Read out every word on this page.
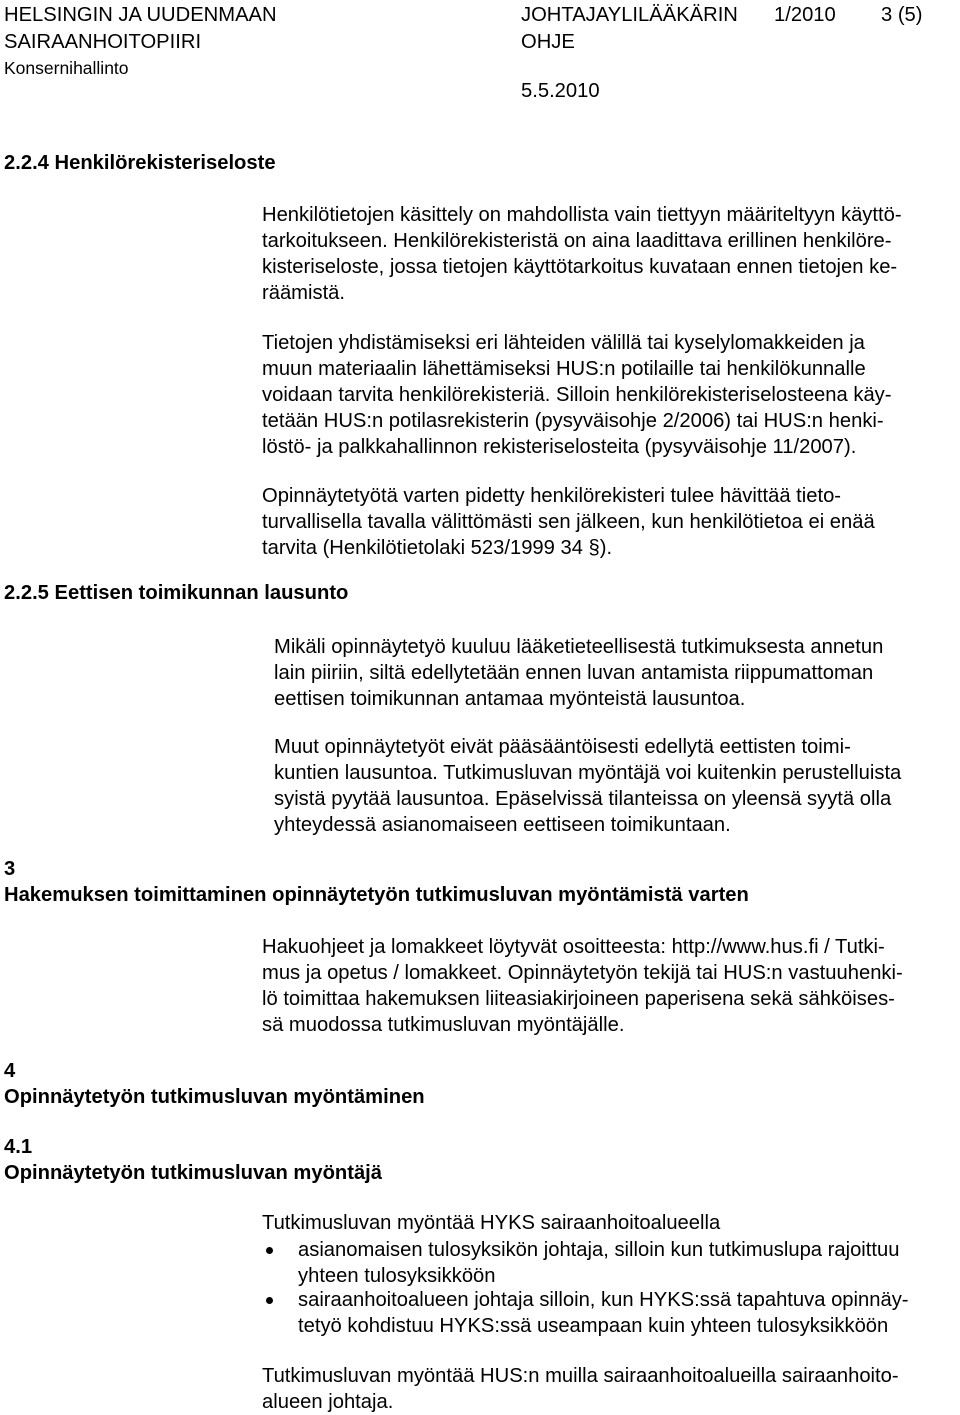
HELSINGIN JA UUDENMAAN
SAIRAANHOITOPIIRI
Konsernihallinto
JOHTAJAYLILÄÄKÄRIN 1/2010
OHJE
5.5.2010
3 (5)
2.2.4 Henkilörekisteriseloste
Henkilötietojen käsittely on mahdollista vain tiettyyn määriteltyyn käyttö-
tarkoitukseen. Henkilörekisteristä on aina laadittava erillinen henkilöre-
kisteriseloste, jossa tietojen käyttötarkoitus kuvataan ennen tietojen ke-
räämistä.
Tietojen yhdistämiseksi eri lähteiden välillä tai kyselylomakkeiden ja
muun materiaalin lähettämiseksi HUS:n potilaille tai henkilökunnalle
voidaan tarvita henkilörekisteriä. Silloin henkilörekisteriselosteena käy-
tetään HUS:n potilasrekisterin (pysyväisohje 2/2006) tai HUS:n henki-
löstö- ja palkkahallinnon rekisteriselosteita (pysyväisohje 11/2007).
Opinnäytetyötä varten pidetty henkilörekisteri tulee hävittää tieto-
turvallisella tavalla välittömästi sen jälkeen, kun henkilötietoa ei enää
tarvita (Henkilötietolaki 523/1999 34 §).
2.2.5 Eettisen toimikunnan lausunto
Mikäli opinnäytetyö kuuluu lääketieteellisestä tutkimuksesta annetun
lain piiriin, siltä edellytetään ennen luvan antamista riippumattoman
eettisen toimikunnan antamaa myönteistä lausuntoa.
Muut opinnäytetyöt eivät pääsääntöisesti edellytä eettisten toimi-
kuntien lausuntoa. Tutkimusluvan myöntäjä voi kuitenkin perustelluista
syistä pyytää lausuntoa. Epäselvissä tilanteissa on yleensä syytä olla
yhteydessä asianomaiseen eettiseen toimikuntaan.
3
Hakemuksen toimittaminen opinnäytetyön tutkimusluvan myöntämistä varten
Hakuohjeet ja lomakkeet löytyvät osoitteesta: http://www.hus.fi / Tutki-
mus ja opetus / lomakkeet. Opinnäytetyön tekijä tai HUS:n vastuuhenki-
lö toimittaa hakemuksen liiteasiakirjoineen paperisena sekä sähköises-
sä muodossa tutkimusluvan myöntäjälle.
4
Opinnäytetyön tutkimusluvan myöntäminen
4.1
Opinnäytetyön tutkimusluvan myöntäjä
Tutkimusluvan myöntää HYKS sairaanhoitoalueella
asianomaisen tulosyksikön johtaja, silloin kun tutkimuslupa rajoittuu
yhteen tulosyksikköön
sairaanhoitoalueen johtaja silloin, kun HYKS:ssä tapahtuva opinnäy-
tetyö kohdistuu HYKS:ssä useampaan kuin yhteen tulosyksikköön
Tutkimusluvan myöntää HUS:n muilla sairaanhoitoalueilla sairaanhoito-
alueen johtaja.
